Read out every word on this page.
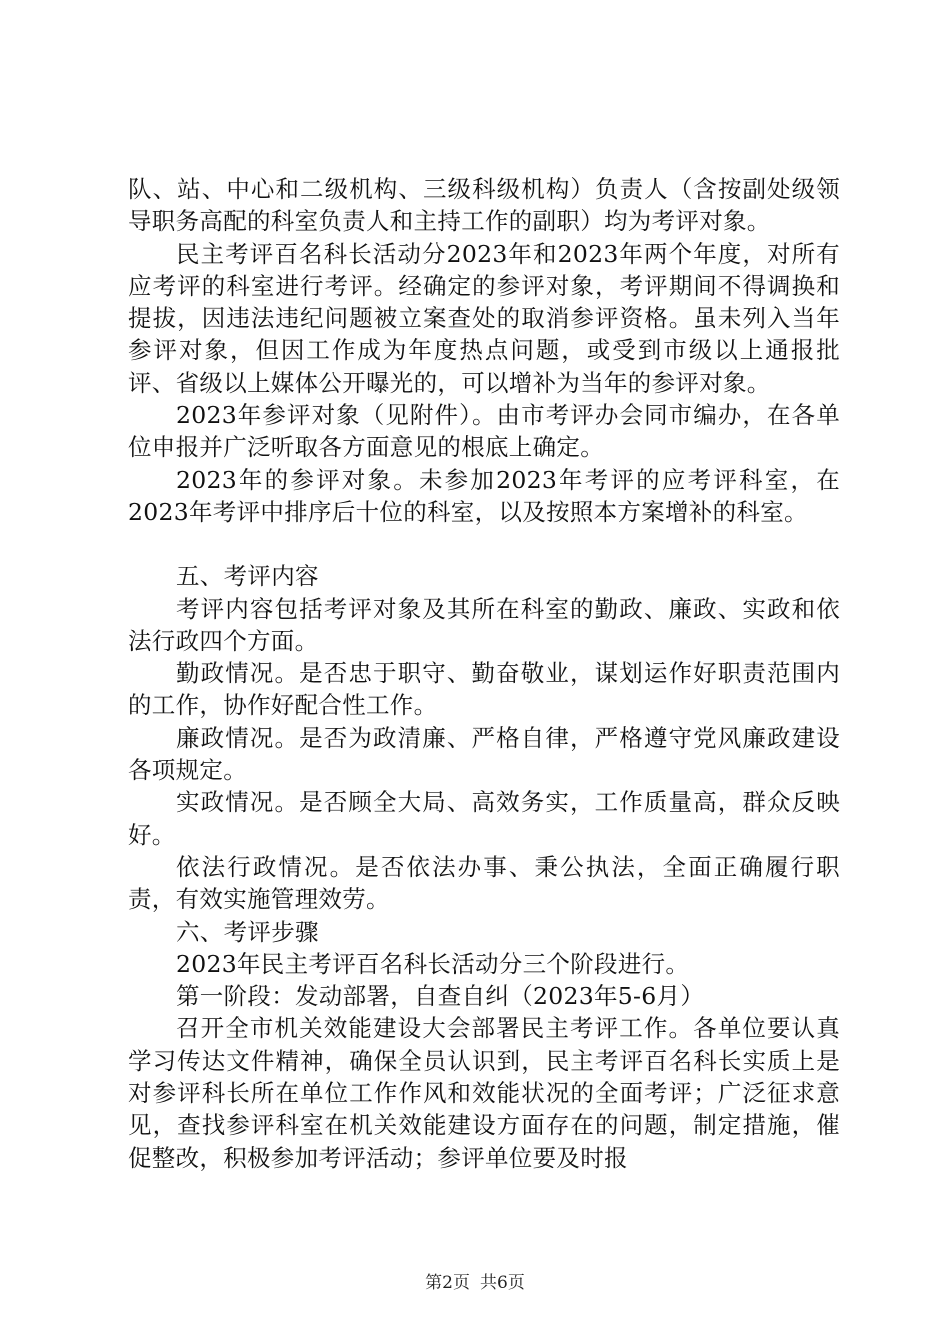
队、站、中心和二级机构、三级科级机构）负责人（含按副处级领导职务高配的科室负责人和主持工作的副职）均为考评对象。

民主考评百名科长活动分2023年和2023年两个年度，对所有应考评的科室进行考评。经确定的参评对象，考评期间不得调换和提拔，因违法违纪问题被立案查处的取消参评资格。虽未列入当年参评对象，但因工作成为年度热点问题，或受到市级以上通报批评、省级以上媒体公开曝光的，可以增补为当年的参评对象。

2023年参评对象（见附件）。由市考评办会同市编办，在各单位申报并广泛听取各方面意见的根底上确定。

2023年的参评对象。未参加2023年考评的应考评科室，在2023年考评中排序后十位的科室，以及按照本方案增补的科室。

五、考评内容

考评内容包括考评对象及其所在科室的勤政、廉政、实政和依法行政四个方面。

勤政情况。是否忠于职守、勤奋敬业，谋划运作好职责范围内的工作，协作好配合性工作。

廉政情况。是否为政清廉、严格自律，严格遵守党风廉政建设各项规定。

实政情况。是否顾全大局、高效务实，工作质量高，群众反映好。

依法行政情况。是否依法办事、秉公执法，全面正确履行职责，有效实施管理效劳。

六、考评步骤

2023年民主考评百名科长活动分三个阶段进行。

第一阶段：发动部署，自查自纠（2023年5-6月）

召开全市机关效能建设大会部署民主考评工作。各单位要认真学习传达文件精神，确保全员认识到，民主考评百名科长实质上是对参评科长所在单位工作作风和效能状况的全面考评；广泛征求意见，查找参评科室在机关效能建设方面存在的问题，制定措施，催促整改，积极参加考评活动；参评单位要及时报

第2页 共6页
